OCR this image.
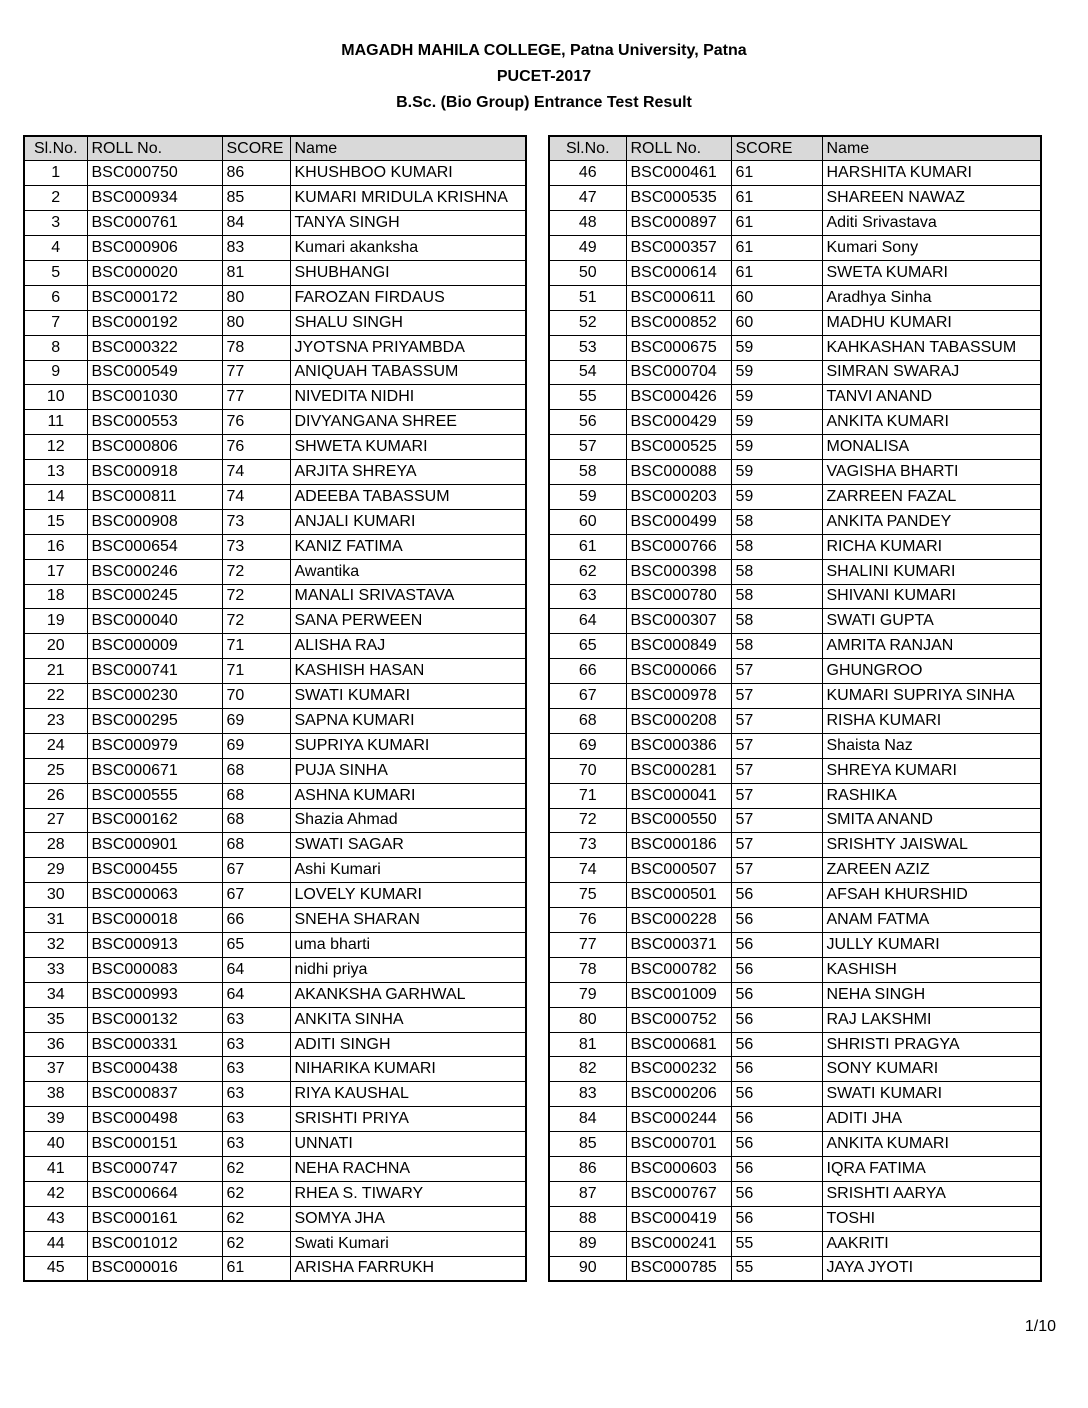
MAGADH MAHILA COLLEGE, Patna University, Patna
PUCET-2017
B.Sc. (Bio Group) Entrance Test Result
Sl.No.	ROLL No.	SCORE	Name
1	BSC000750	86	KHUSHBOO KUMARI
2	BSC000934	85	KUMARI MRIDULA KRISHNA
3	BSC000761	84	TANYA SINGH
4	BSC000906	83	Kumari akanksha
5	BSC000020	81	SHUBHANGI
6	BSC000172	80	FAROZAN FIRDAUS
7	BSC000192	80	SHALU SINGH
8	BSC000322	78	JYOTSNA PRIYAMBDA
9	BSC000549	77	ANIQUAH TABASSUM
10	BSC001030	77	NIVEDITA NIDHI
11	BSC000553	76	DIVYANGANA SHREE
12	BSC000806	76	SHWETA KUMARI
13	BSC000918	74	ARJITA SHREYA
14	BSC000811	74	ADEEBA TABASSUM
15	BSC000908	73	ANJALI KUMARI
16	BSC000654	73	KANIZ FATIMA
17	BSC000246	72	Awantika
18	BSC000245	72	MANALI SRIVASTAVA
19	BSC000040	72	SANA PERWEEN
20	BSC000009	71	ALISHA RAJ
21	BSC000741	71	KASHISH HASAN
22	BSC000230	70	SWATI KUMARI
23	BSC000295	69	SAPNA KUMARI
24	BSC000979	69	SUPRIYA KUMARI
25	BSC000671	68	PUJA SINHA
26	BSC000555	68	ASHNA KUMARI
27	BSC000162	68	Shazia Ahmad
28	BSC000901	68	SWATI SAGAR
29	BSC000455	67	Ashi Kumari
30	BSC000063	67	LOVELY KUMARI
31	BSC000018	66	SNEHA SHARAN
32	BSC000913	65	uma bharti
33	BSC000083	64	nidhi priya
34	BSC000993	64	AKANKSHA GARHWAL
35	BSC000132	63	ANKITA SINHA
36	BSC000331	63	ADITI SINGH
37	BSC000438	63	NIHARIKA KUMARI
38	BSC000837	63	RIYA KAUSHAL
39	BSC000498	63	SRISHTI PRIYA
40	BSC000151	63	UNNATI
41	BSC000747	62	NEHA RACHNA
42	BSC000664	62	RHEA S. TIWARY
43	BSC000161	62	SOMYA JHA
44	BSC001012	62	Swati Kumari
45	BSC000016	61	ARISHA FARRUKH
Sl.No.	ROLL No.	SCORE	Name
46	BSC000461	61	HARSHITA KUMARI
47	BSC000535	61	SHAREEN NAWAZ
48	BSC000897	61	Aditi Srivastava
49	BSC000357	61	Kumari Sony
50	BSC000614	61	SWETA KUMARI
51	BSC000611	60	Aradhya Sinha
52	BSC000852	60	MADHU KUMARI
53	BSC000675	59	KAHKASHAN TABASSUM
54	BSC000704	59	SIMRAN SWARAJ
55	BSC000426	59	TANVI ANAND
56	BSC000429	59	ANKITA KUMARI
57	BSC000525	59	MONALISA
58	BSC000088	59	VAGISHA BHARTI
59	BSC000203	59	ZARREEN FAZAL
60	BSC000499	58	ANKITA PANDEY
61	BSC000766	58	RICHA KUMARI
62	BSC000398	58	SHALINI KUMARI
63	BSC000780	58	SHIVANI KUMARI
64	BSC000307	58	SWATI GUPTA
65	BSC000849	58	AMRITA RANJAN
66	BSC000066	57	GHUNGROO
67	BSC000978	57	KUMARI SUPRIYA SINHA
68	BSC000208	57	RISHA KUMARI
69	BSC000386	57	Shaista Naz
70	BSC000281	57	SHREYA KUMARI
71	BSC000041	57	RASHIKA
72	BSC000550	57	SMITA ANAND
73	BSC000186	57	SRISHTY JAISWAL
74	BSC000507	57	ZAREEN AZIZ
75	BSC000501	56	AFSAH KHURSHID
76	BSC000228	56	ANAM FATMA
77	BSC000371	56	JULLY KUMARI
78	BSC000782	56	KASHISH
79	BSC001009	56	NEHA SINGH
80	BSC000752	56	RAJ LAKSHMI
81	BSC000681	56	SHRISTI PRAGYA
82	BSC000232	56	SONY KUMARI
83	BSC000206	56	SWATI KUMARI
84	BSC000244	56	ADITI JHA
85	BSC000701	56	ANKITA KUMARI
86	BSC000603	56	IQRA FATIMA
87	BSC000767	56	SRISHTI AARYA
88	BSC000419	56	TOSHI
89	BSC000241	55	AAKRITI
90	BSC000785	55	JAYA JYOTI
1/10
